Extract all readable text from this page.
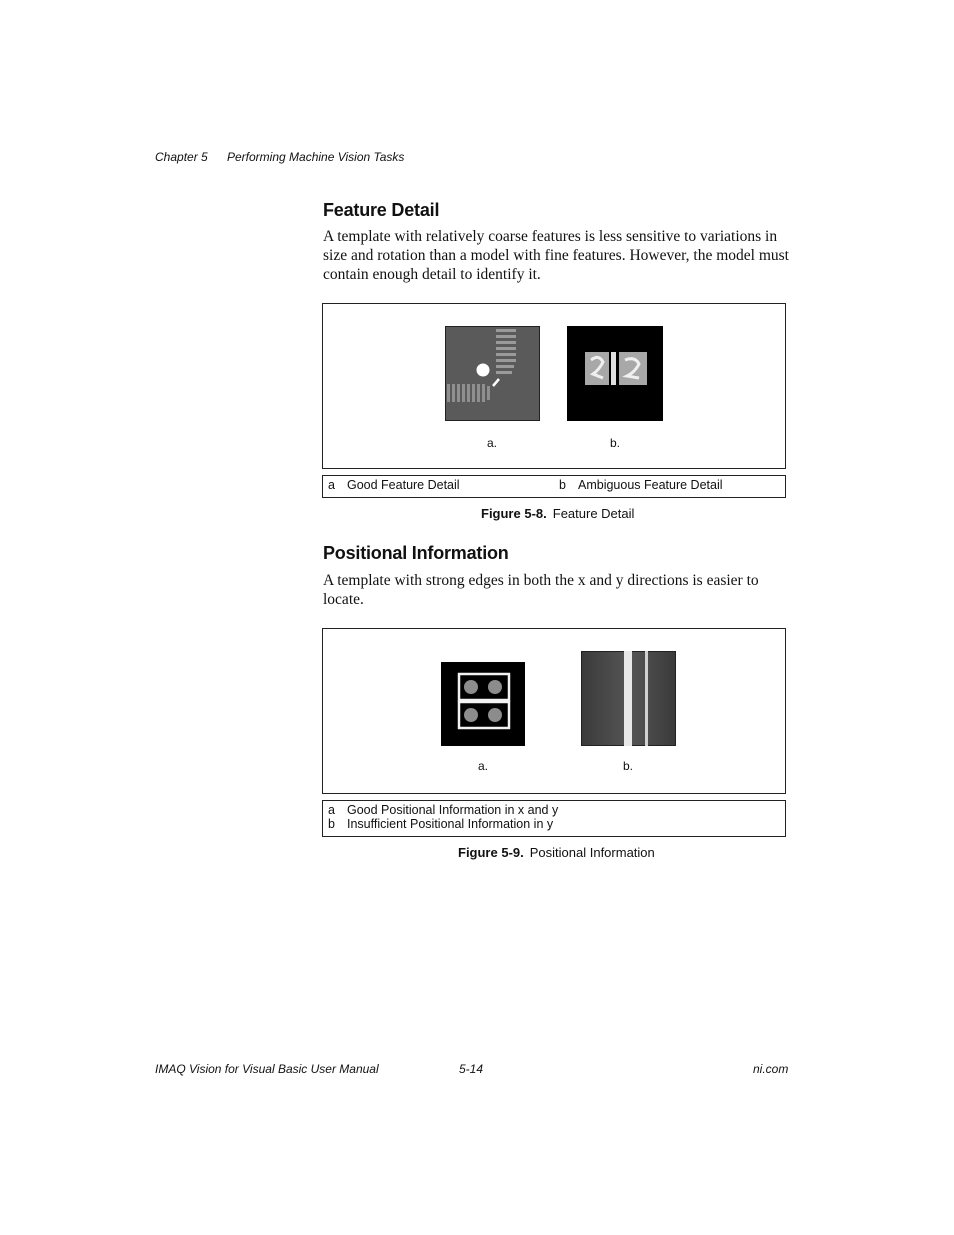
Chapter 5 Performing Machine Vision Tasks
Feature Detail

A template with relatively coarse features is less sensitive to variations in size and rotation than a model with fine features. However, the model must contain enough detail to identify it.

a.	b.
a Good Feature Detail	b Ambiguous Feature Detail
Figure 5-8. Feature Detail
Positional Information

A template with strong edges in both the x and y directions is easier to locate.

a.	b.
a Good Positional Information in x and y
b Insufficient Positional Information in y
Figure 5-9. Positional Information
IMAQ Vision for Visual Basic User Manual	5-14	ni.com
